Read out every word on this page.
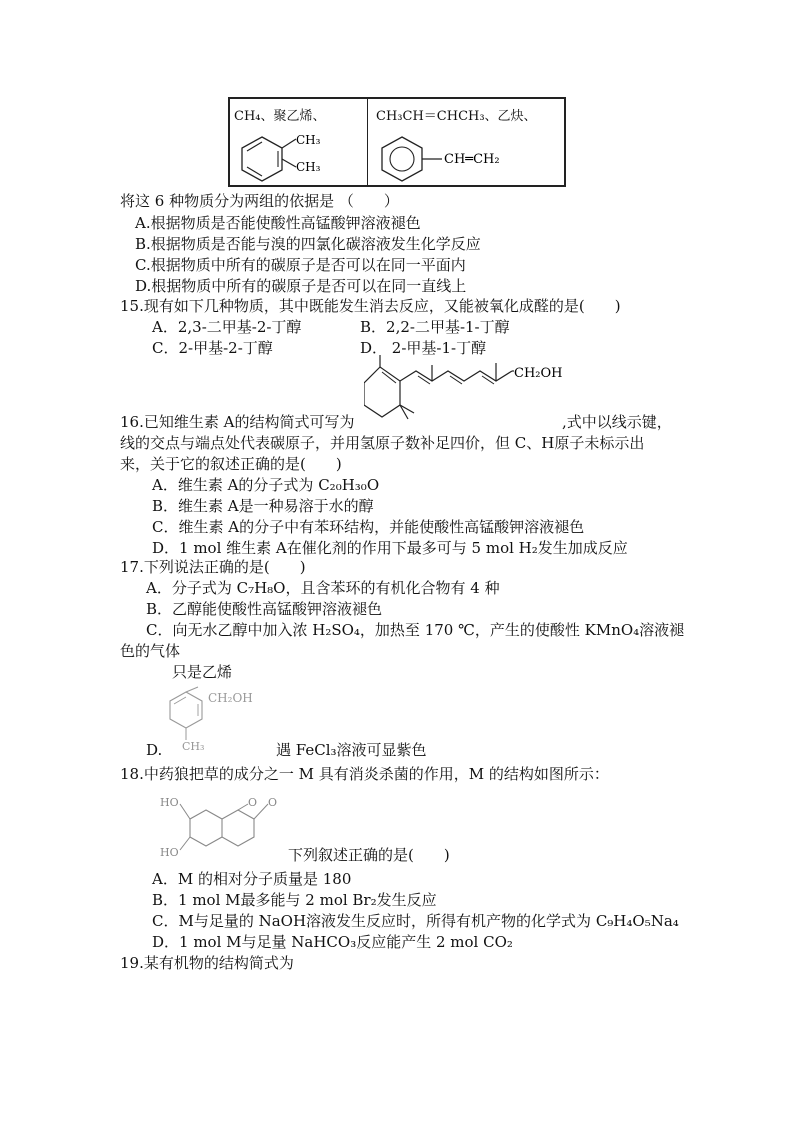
CH₄、聚乙烯、	CH₃CH＝CHCH₃、乙炔、
CH₃
CH₃	CH═CH₂
将这 6 种物质分为两组的依据是 （　　）
A.根据物质是否能使酸性高锰酸钾溶液褪色
B.根据物质是否能与溴的四氯化碳溶液发生化学反应
C.根据物质中所有的碳原子是否可以在同一平面内
D.根据物质中所有的碳原子是否可以在同一直线上
15.现有如下几种物质，其中既能发生消去反应，又能被氧化成醛的是(　　)
A．2,3-二甲基-2-丁醇	B．2,2-二甲基-1-丁醇
C．2-甲基-2-丁醇	D． 2-甲基-1-丁醇
CH₂OH
16.已知维生素 A的结构简式可写为	,式中以线示键，
线的交点与端点处代表碳原子，并用氢原子数补足四价，但 C、H原子未标示出
来，关于它的叙述正确的是(　　)
A．维生素 A的分子式为 C₂₀H₃₀O
B．维生素 A是一种易溶于水的醇
C．维生素 A的分子中有苯环结构，并能使酸性高锰酸钾溶液褪色
D．1 mol 维生素 A在催化剂的作用下最多可与 5 mol H₂发生加成反应
17.下列说法正确的是(　　)
A．分子式为 C₇H₈O，且含苯环的有机化合物有 4 种
B．乙醇能使酸性高锰酸钾溶液褪色
C．向无水乙醇中加入浓 H₂SO₄，加热至 170 ℃，产生的使酸性 KMnO₄溶液褪
色的气体
只是乙烯
CH₂OH
CH₃
D.	遇 FeCl₃溶液可显紫色
18.中药狼把草的成分之一 M 具有消炎杀菌的作用，M 的结构如图所示：
HO
HO
O O
下列叙述正确的是(　　)
A．M 的相对分子质量是 180
B．1 mol M最多能与 2 mol Br₂发生反应
C．M与足量的 NaOH溶液发生反应时，所得有机产物的化学式为 C₉H₄O₅Na₄
D．1 mol M与足量 NaHCO₃反应能产生 2 mol CO₂
19.某有机物的结构简式为
